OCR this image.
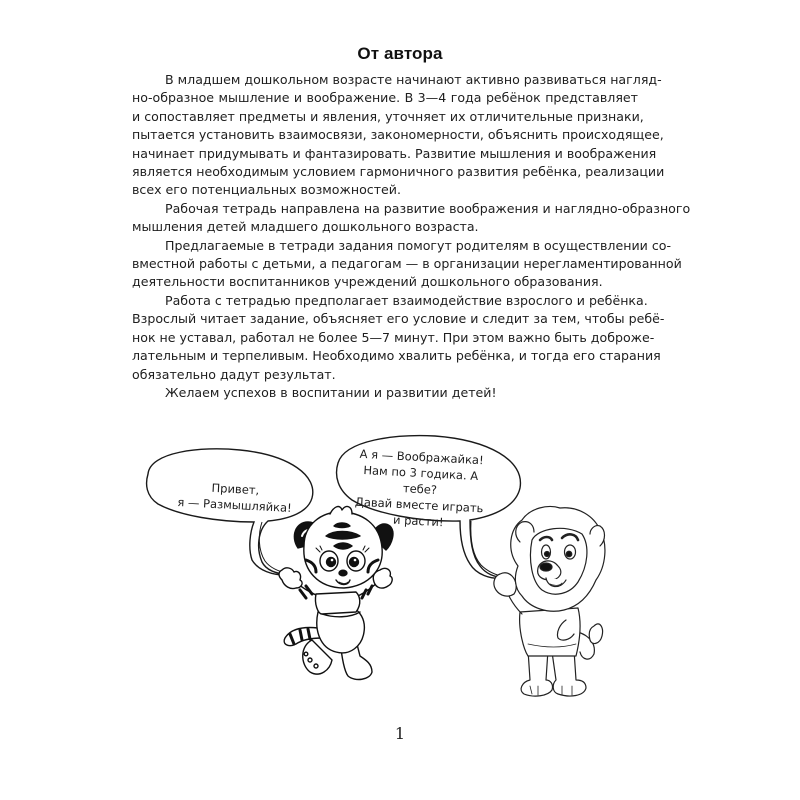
От автора
В младшем дошкольном возрасте начинают активно развиваться нагляд-
но-образное мышление и воображение. В 3—4 года ребёнок представляет
и сопоставляет предметы и явления, уточняет их отличительные признаки,
пытается установить взаимосвязи, закономерности, объяснить происходящее,
начинает придумывать и фантазировать. Развитие мышления и воображения
является необходимым условием гармоничного развития ребёнка, реализации
всех его потенциальных возможностей.
Рабочая тетрадь направлена на развитие воображения и наглядно-образного
мышления детей младшего дошкольного возраста.
Предлагаемые в тетради задания помогут родителям в осуществлении со-
вместной работы с детьми, а педагогам — в организации нерегламентированной
деятельности воспитанников учреждений дошкольного образования.
Работа с тетрадью предполагает взаимодействие взрослого и ребёнка.
Взрослый читает задание, объясняет его условие и следит за тем, чтобы ребё-
нок не уставал, работал не более 5—7 минут. При этом важно быть доброже-
лательным и терпеливым. Необходимо хвалить ребёнка, и тогда его старания
обязательно дадут результат.
Желаем успехов в воспитании и развитии детей!
Привет,
я — Размышляйка!
А я — Воображайка!
Нам по 3 годика. А тебе?
Давай вместе играть
и расти!
1
